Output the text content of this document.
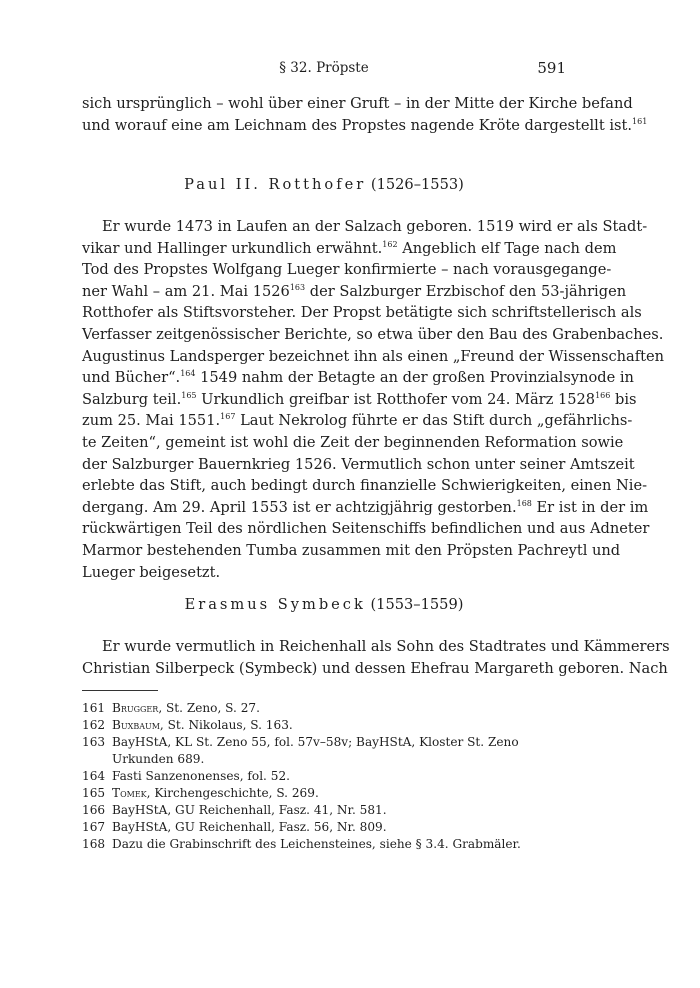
§ 32. Pröpste	591
sich ursprünglich – wohl über einer Gruft – in der Mitte der Kirche befand
und worauf eine am Leichnam des Propstes nagende Kröte dargestellt ist.$^{161}$
Paul II. Rotthofer (1526–1553)
Er wurde 1473 in Laufen an der Salzach geboren. 1519 wird er als Stadt-
vikar und Hallinger urkundlich erwähnt.$^{162}$ Angeblich elf Tage nach dem
Tod des Propstes Wolfgang Lueger konfirmierte – nach vorausgegange-
ner Wahl – am 21. Mai 1526$^{163}$ der Salzburger Erzbischof den 53-jährigen
Rotthofer als Stiftsvorsteher. Der Propst betätigte sich schriftstellerisch als
Verfasser zeitgenössischer Berichte, so etwa über den Bau des Grabenbaches.
Augustinus Landsperger bezeichnet ihn als einen „Freund der Wissenschaften
und Bücher“.$^{164}$ 1549 nahm der Betagte an der großen Provinzialsynode in
Salzburg teil.$^{165}$ Urkundlich greifbar ist Rotthofer vom 24. März 1528$^{166}$ bis
zum 25. Mai 1551.$^{167}$ Laut Nekrolog führte er das Stift durch „gefährlichs-
te Zeiten“, gemeint ist wohl die Zeit der beginnenden Reformation sowie
der Salzburger Bauernkrieg 1526. Vermutlich schon unter seiner Amtszeit
erlebte das Stift, auch bedingt durch finanzielle Schwierigkeiten, einen Nie-
dergang. Am 29. April 1553 ist er achtzigjährig gestorben.$^{168}$ Er ist in der im
rückwärtigen Teil des nördlichen Seitenschiffs befindlichen und aus Adneter
Marmor bestehenden Tumba zusammen mit den Pröpsten Pachreytl und
Lueger beigesetzt.
Erasmus Symbeck (1553–1559)
Er wurde vermutlich in Reichenhall als Sohn des Stadtrates und Kämmerers
Christian Silberpeck (Symbeck) und dessen Ehefrau Margareth geboren. Nach
161 Brugger, St. Zeno, S. 27.
162 Buxbaum, St. Nikolaus, S. 163.
163 BayHStA, KL St. Zeno 55, fol. 57v–58v; BayHStA, Kloster St. Zeno Urkunden 689.
164 Fasti Sanzenonenses, fol. 52.
165 Tomek, Kirchengeschichte, S. 269.
166 BayHStA, GU Reichenhall, Fasz. 41, Nr. 581.
167 BayHStA, GU Reichenhall, Fasz. 56, Nr. 809.
168 Dazu die Grabinschrift des Leichensteines, siehe § 3.4. Grabmäler.
